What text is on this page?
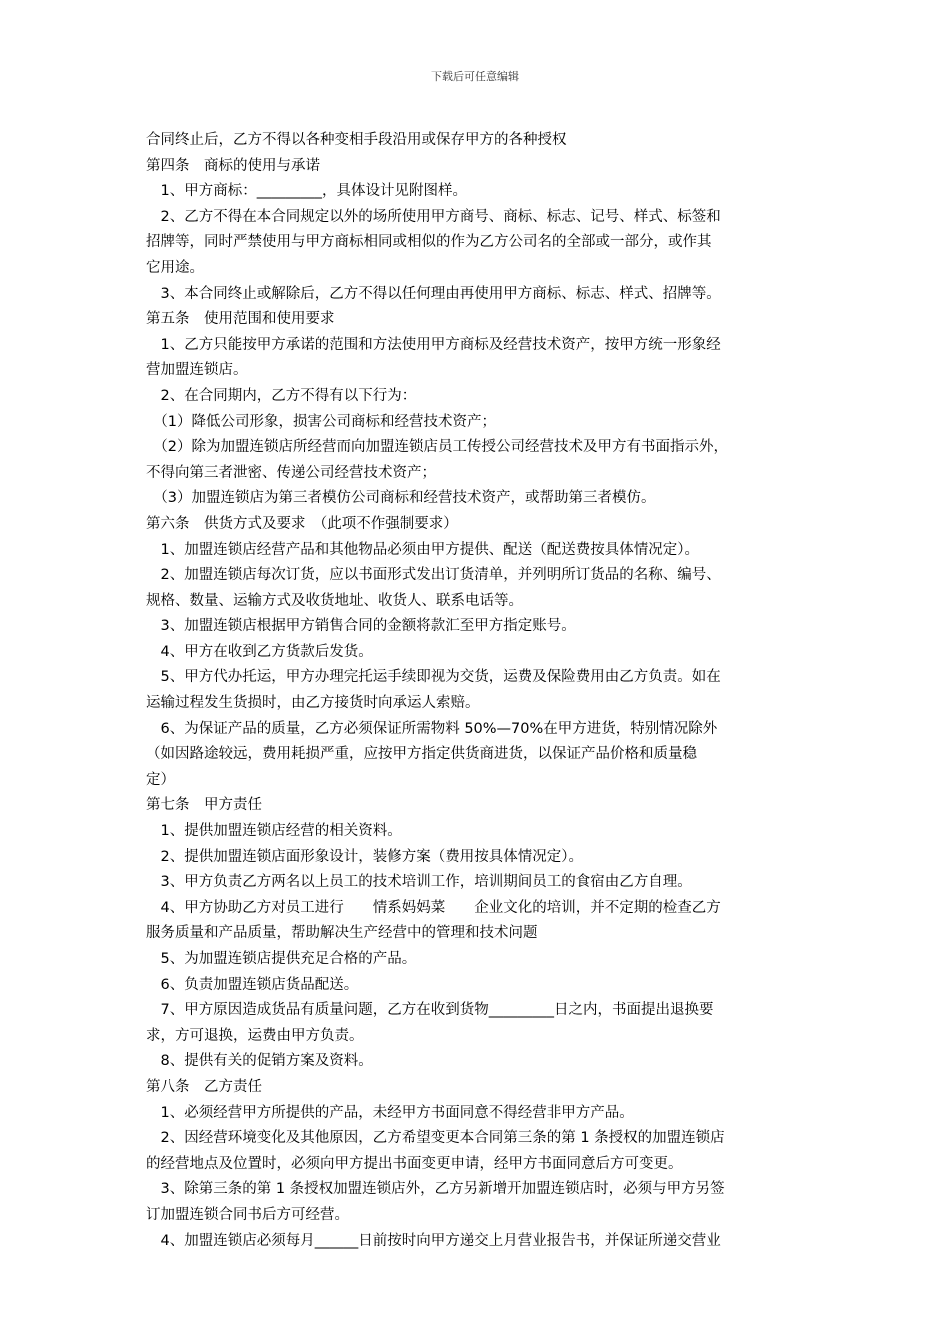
下载后可任意编辑
合同终止后，乙方不得以各种变相手段沿用或保存甲方的各种授权
第四条　商标的使用与承诺
　1、甲方商标：_________，具体设计见附图样。
　2、乙方不得在本合同规定以外的场所使用甲方商号、商标、标志、记号、样式、标签和
招牌等，同时严禁使用与甲方商标相同或相似的作为乙方公司名的全部或一部分，或作其
它用途。
　3、本合同终止或解除后，乙方不得以任何理由再使用甲方商标、标志、样式、招牌等。
第五条　使用范围和使用要求
　1、乙方只能按甲方承诺的范围和方法使用甲方商标及经营技术资产，按甲方统一形象经
营加盟连锁店。
　2、在合同期内，乙方不得有以下行为：
　（1）降低公司形象，损害公司商标和经营技术资产；
　（2）除为加盟连锁店所经营而向加盟连锁店员工传授公司经营技术及甲方有书面指示外，
不得向第三者泄密、传递公司经营技术资产；
　（3）加盟连锁店为第三者模仿公司商标和经营技术资产，或帮助第三者模仿。
第六条　供货方式及要求　（此项不作强制要求）
　1、加盟连锁店经营产品和其他物品必须由甲方提供、配送（配送费按具体情况定）。
　2、加盟连锁店每次订货，应以书面形式发出订货清单，并列明所订货品的名称、编号、
规格、数量、运输方式及收货地址、收货人、联系电话等。
　3、加盟连锁店根据甲方销售合同的金额将款汇至甲方指定账号。
　4、甲方在收到乙方货款后发货。
　5、甲方代办托运，甲方办理完托运手续即视为交货，运费及保险费用由乙方负责。如在
运输过程发生货损时，由乙方接货时向承运人索赔。
　6、为保证产品的质量，乙方必须保证所需物料 50%—70%在甲方进货，特别情况除外
（如因路途较远，费用耗损严重，应按甲方指定供货商进货，以保证产品价格和质量稳
定）
第七条　甲方责任
　1、提供加盟连锁店经营的相关资料。
　2、提供加盟连锁店面形象设计，装修方案（费用按具体情况定）。
　3、甲方负责乙方两名以上员工的技术培训工作，培训期间员工的食宿由乙方自理。
　4、甲方协助乙方对员工进行　　情系妈妈菜　　企业文化的培训，并不定期的检查乙方
服务质量和产品质量，帮助解决生产经营中的管理和技术问题
　5、为加盟连锁店提供充足合格的产品。
　6、负责加盟连锁店货品配送。
　7、甲方原因造成货品有质量问题，乙方在收到货物_________日之内，书面提出退换要
求，方可退换，运费由甲方负责。
　8、提供有关的促销方案及资料。
第八条　乙方责任
　1、必须经营甲方所提供的产品，未经甲方书面同意不得经营非甲方产品。
　2、因经营环境变化及其他原因，乙方希望变更本合同第三条的第 1 条授权的加盟连锁店
的经营地点及位置时，必须向甲方提出书面变更申请，经甲方书面同意后方可变更。
　3、除第三条的第 1 条授权加盟连锁店外，乙方另新增开加盟连锁店时，必须与甲方另签
订加盟连锁合同书后方可经营。
　4、加盟连锁店必须每月______日前按时向甲方递交上月营业报告书，并保证所递交营业
